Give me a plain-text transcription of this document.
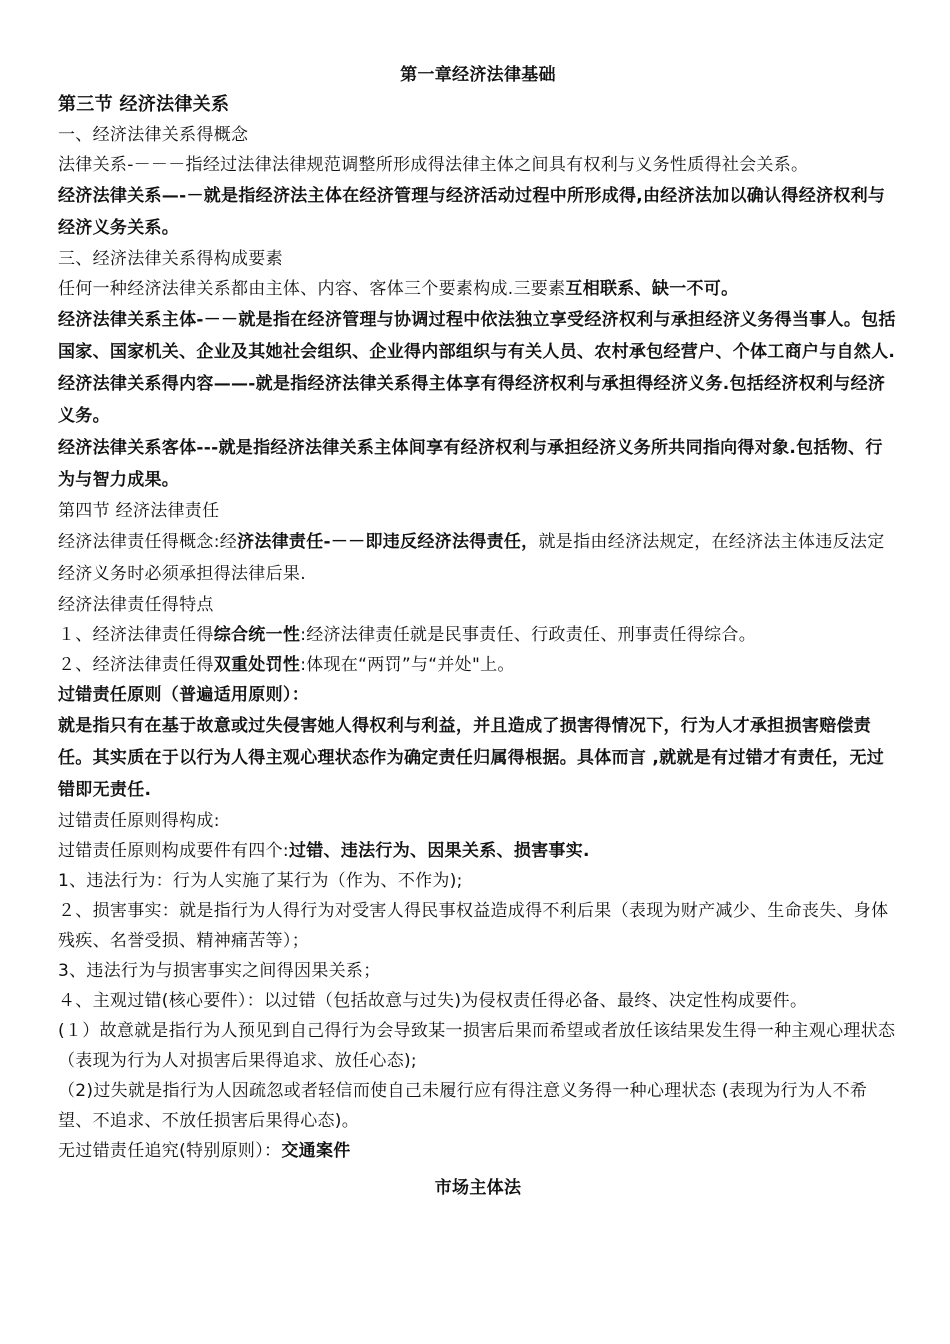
第一章经济法律基础
第三节 经济法律关系
一、经济法律关系得概念
法律关系-－－－指经过法律法律规范调整所形成得法律主体之间具有权利与义务性质得社会关系。
经济法律关系—-－就是指经济法主体在经济管理与经济活动过程中所形成得,由经济法加以确认得经济权利与经济义务关系。
三、经济法律关系得构成要素
任何一种经济法律关系都由主体、内容、客体三个要素构成.三要素互相联系、缺一不可。
经济法律关系主体-－－就是指在经济管理与协调过程中依法独立享受经济权利与承担经济义务得当事人。包括国家、国家机关、企业及其她社会组织、企业得内部组织与有关人员、农村承包经营户、个体工商户与自然人.
经济法律关系得内容——-就是指经济法律关系得主体享有得经济权利与承担得经济义务.包括经济权利与经济义务。
经济法律关系客体---就是指经济法律关系主体间享有经济权利与承担经济义务所共同指向得对象.包括物、行为与智力成果。
第四节 经济法律责任
经济法律责任得概念:经济法律责任-－－即违反经济法得责任，就是指由经济法规定，在经济法主体违反法定经济义务时必须承担得法律后果.
经济法律责任得特点
１、经济法律责任得综合统一性:经济法律责任就是民事责任、行政责任、刑事责任得综合。
２、经济法律责任得双重处罚性:体现在“两罚”与“并处"上。
过错责任原则（普遍适用原则）：
就是指只有在基于故意或过失侵害她人得权利与利益，并且造成了损害得情况下，行为人才承担损害赔偿责任。其实质在于以行为人得主观心理状态作为确定责任归属得根据。具体而言 ,就就是有过错才有责任，无过错即无责任.
过错责任原则得构成:
过错责任原则构成要件有四个:过错、违法行为、因果关系、损害事实.
1、违法行为：行为人实施了某行为（作为、不作为);
２、损害事实：就是指行为人得行为对受害人得民事权益造成得不利后果（表现为财产减少、生命丧失、身体残疾、名誉受损、精神痛苦等）；
3、违法行为与损害事实之间得因果关系；
４、主观过错(核心要件）：以过错（包括故意与过失)为侵权责任得必备、最终、决定性构成要件。
(１）故意就是指行为人预见到自己得行为会导致某一损害后果而希望或者放任该结果发生得一种主观心理状态（表现为行为人对损害后果得追求、放任心态);
（2)过失就是指行为人因疏忽或者轻信而使自己未履行应有得注意义务得一种心理状态 (表现为行为人不希望、不追求、不放任损害后果得心态)。
无过错责任追究(特别原则）：交通案件
市场主体法
